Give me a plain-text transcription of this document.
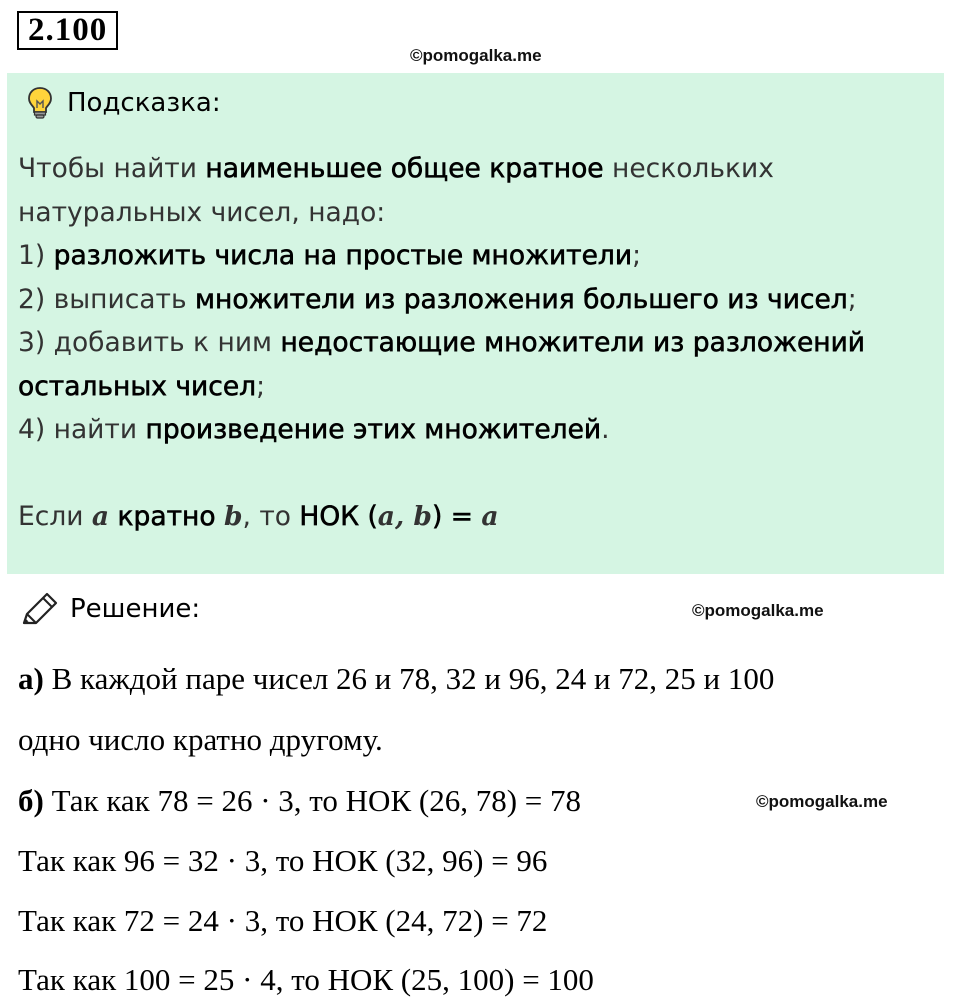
2.100
©pomogalka.me
Подсказка:
Чтобы найти наименьшее общее кратное нескольких
натуральных чисел, надо:
1) разложить числа на простые множители;
2) выписать множители из разложения большего из чисел;
3) добавить к ним недостающие множители из разложений
остальных чисел;
4) найти произведение этих множителей.
Если a кратно b, то НОК (a, b) = a
Решение:	©pomogalka.me
а) В каждой паре чисел 26 и 78, 32 и 96, 24 и 72, 25 и 100
одно число кратно другому.
б) Так как 78 = 26 · 3, то НОК (26, 78) = 78	©pomogalka.me
Так как 96 = 32 · 3, то НОК (32, 96) = 96
Так как 72 = 24 · 3, то НОК (24, 72) = 72
Так как 100 = 25 · 4, то НОК (25, 100) = 100
